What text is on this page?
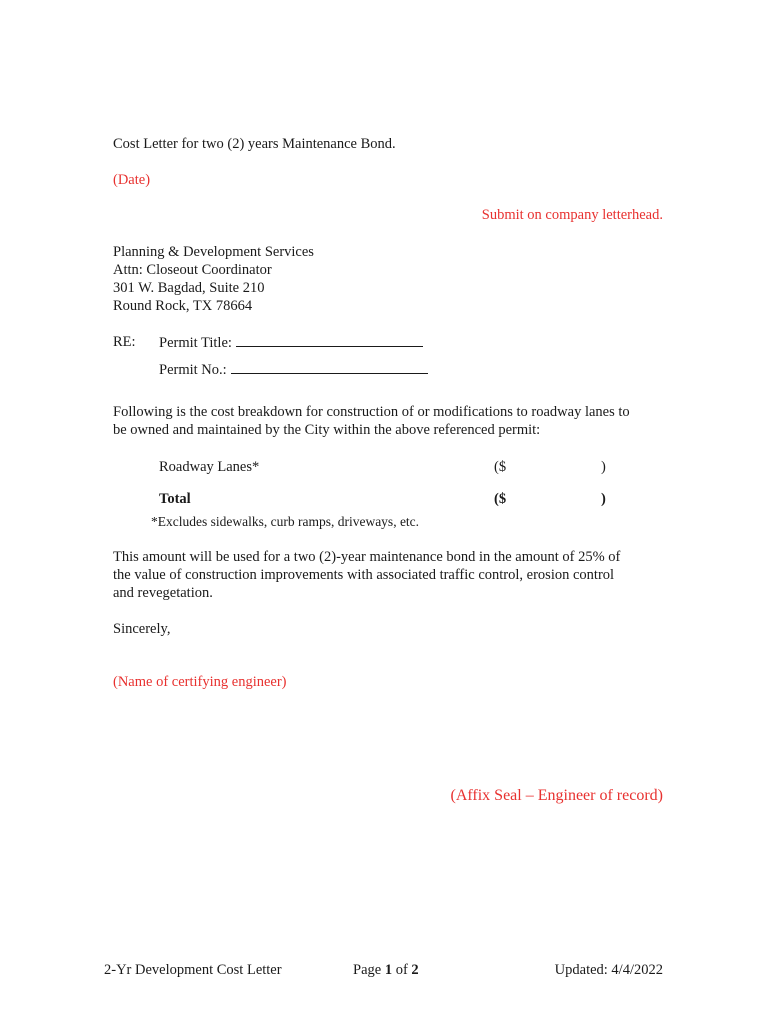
Cost Letter for two (2) years Maintenance Bond.
(Date)
Submit on company letterhead.
Planning & Development Services
Attn: Closeout Coordinator
301 W. Bagdad, Suite 210
Round Rock, TX 78664
RE: Permit Title:
Permit No.:
Following is the cost breakdown for construction of or modifications to roadway lanes to
be owned and maintained by the City within the above referenced permit:
Roadway Lanes*	($	)
Total	($	)
*Excludes sidewalks, curb ramps, driveways, etc.
This amount will be used for a two (2)-year maintenance bond in the amount of 25% of
the value of construction improvements with associated traffic control, erosion control
and revegetation.
Sincerely,
(Name of certifying engineer)
(Affix Seal – Engineer of record)
2-Yr Development Cost Letter	Page 1 of 2	Updated: 4/4/2022
